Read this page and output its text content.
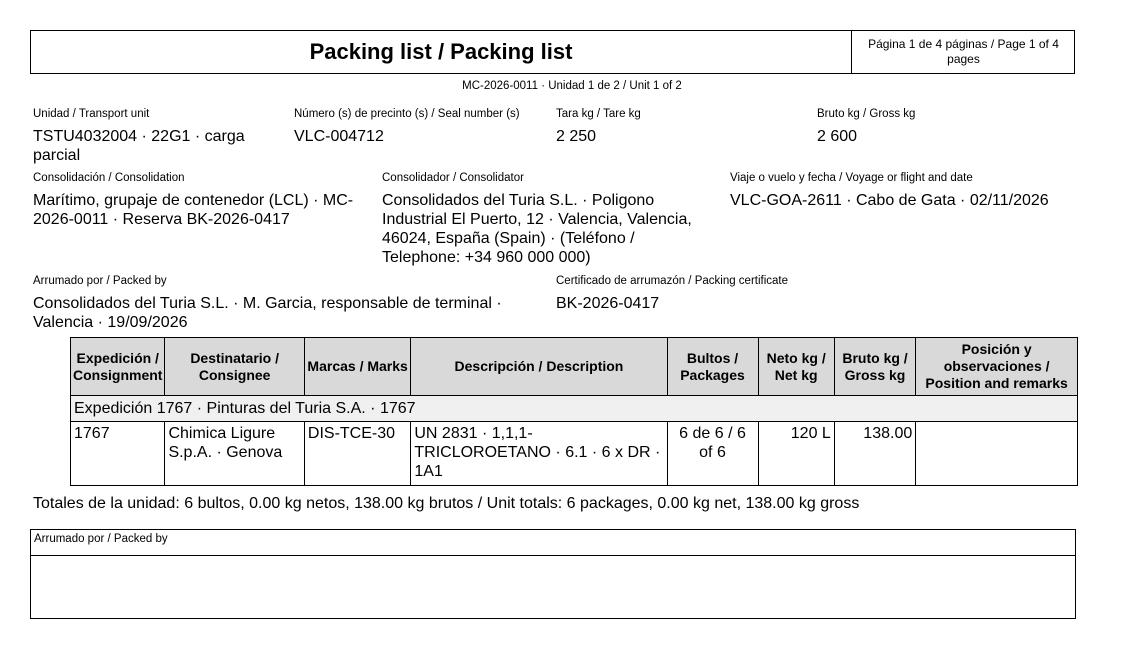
Packing list / Packing list	Página 1 de 4 páginas / Page 1 of 4 pages
MC-2026-0011 · Unidad 1 de 2 / Unit 1 of 2
Unidad / Transport unit
TSTU4032004 · 22G1 · carga parcial
Número (s) de precinto (s) / Seal number (s)
VLC-004712
Tara kg / Tare kg
2 250
Bruto kg / Gross kg
2 600
Consolidación / Consolidation
Marítimo, grupaje de contenedor (LCL) · MC-2026-0011 · Reserva BK-2026-0417
Consolidador / Consolidator
Consolidados del Turia S.L. · Poligono Industrial El Puerto, 12 · Valencia, Valencia, 46024, España (Spain) · (Teléfono / Telephone: +34 960 000 000)
Viaje o vuelo y fecha / Voyage or flight and date
VLC-GOA-2611 · Cabo de Gata · 02/11/2026
Arrumado por / Packed by
Consolidados del Turia S.L. · M. Garcia, responsable de terminal · Valencia · 19/09/2026
Certificado de arrumazón / Packing certificate
BK-2026-0417
Expedición / Consignment	Destinatario / Consignee	Marcas / Marks	Descripción / Description	Bultos / Packages	Neto kg / Net kg	Bruto kg / Gross kg	Posición y observaciones / Position and remarks
Expedición 1767 · Pinturas del Turia S.A. · 1767							
1767	Chimica Ligure S.p.A. · Genova	DIS-TCE-30	UN 2831 · 1,1,1-TRICLOROETANO · 6.1 · 6 x DR · 1A1	6 de 6 / 6 of 6	120 L	138.00	
Totales de la unidad: 6 bultos, 0.00 kg netos, 138.00 kg brutos / Unit totals: 6 packages, 0.00 kg net, 138.00 kg gross
Arrumado por / Packed by
